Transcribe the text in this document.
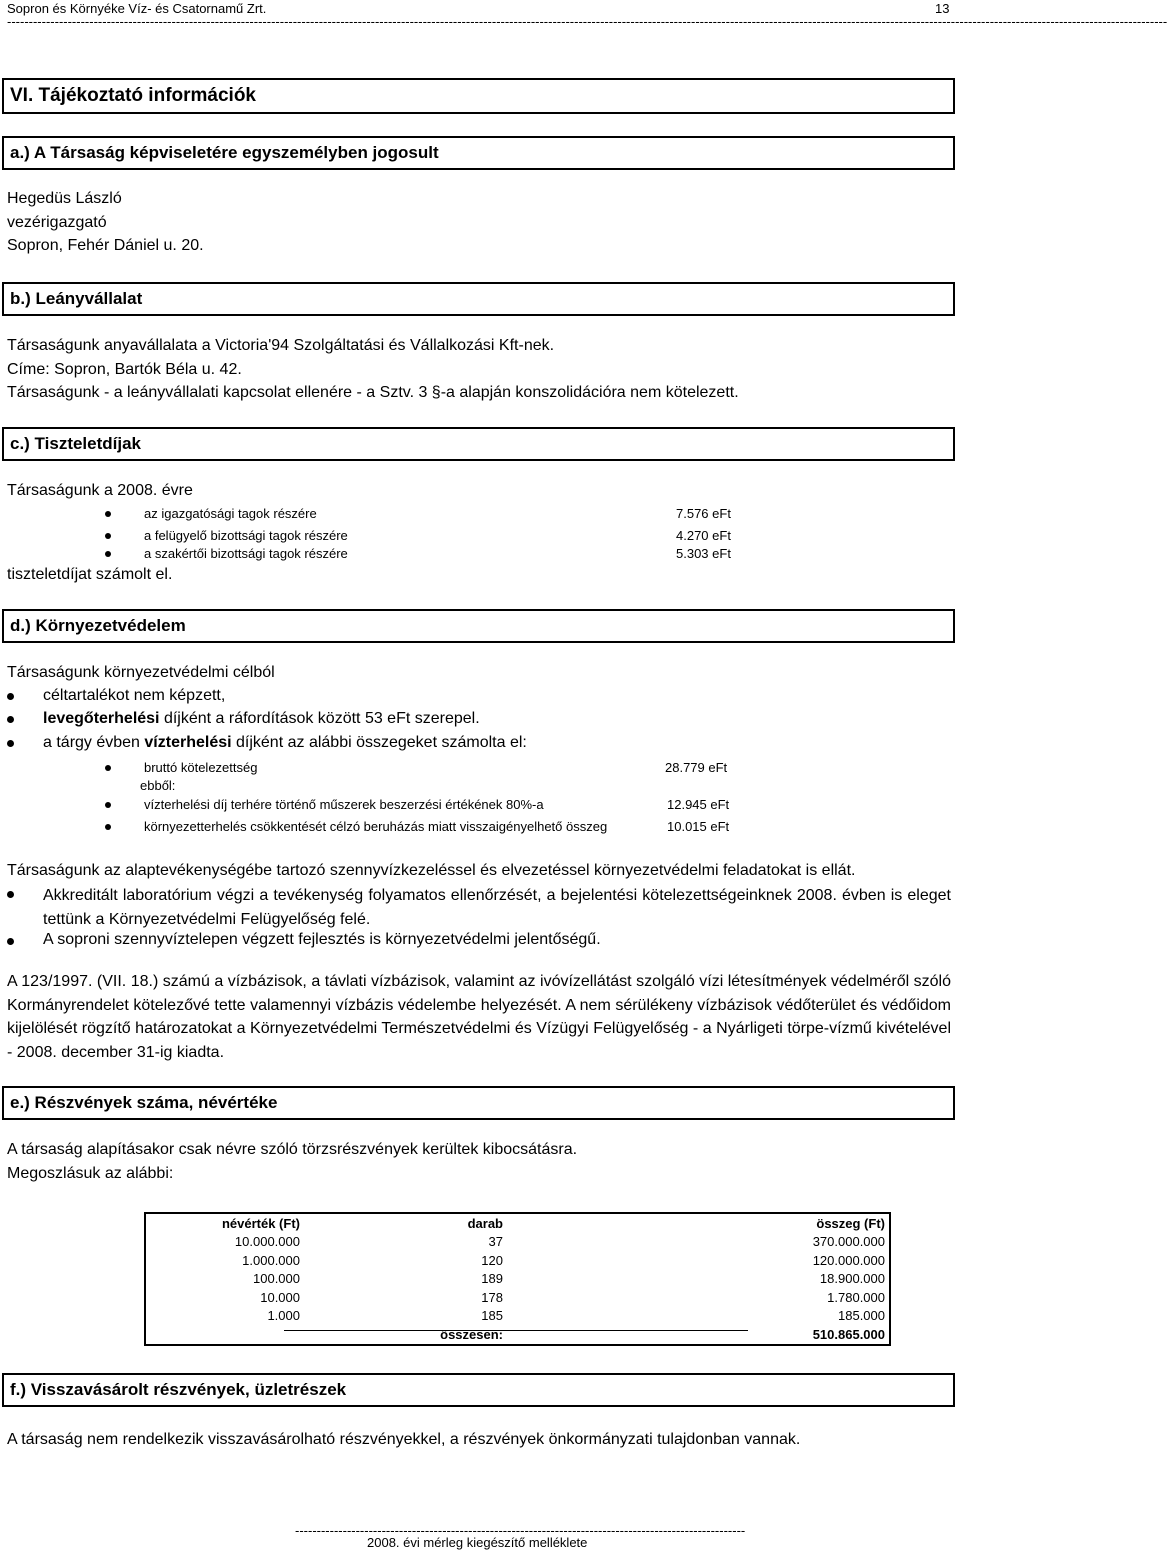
Sopron és Környéke Víz- és Csatornamű Zrt.	13
----------------------------------------------------------------------------------------------------------------------------------------------------------------------------------------------------------------------------------------------------------------------------
VI. Tájékoztató információk
a.) A Társaság képviseletére egyszemélyben jogosult
Hegedüs László
vezérigazgató
Sopron, Fehér Dániel u. 20.
b.) Leányvállalat
Társaságunk anyavállalata a Victoria'94 Szolgáltatási és Vállalkozási Kft-nek.
Címe: Sopron, Bartók Béla u. 42.
Társaságunk - a leányvállalati kapcsolat ellenére - a Sztv. 3 §-a alapján konszolidációra nem kötelezett.
c.) Tiszteletdíjak
Társaságunk a 2008. évre
az igazgatósági tagok részére	7.576 eFt
a felügyelő bizottsági tagok részére	4.270 eFt
a szakértői bizottsági tagok részére	5.303 eFt
tiszteletdíjat számolt el.
d.) Környezetvédelem
Társaságunk környezetvédelmi célból
céltartalékot nem képzett,
levegőterhelési díjként a ráfordítások között 53 eFt szerepel.
a tárgy évben vízterhelési díjként az alábbi összegeket számolta el:
bruttó kötelezettség	28.779 eFt
ebből:
vízterhelési díj terhére történő műszerek beszerzési értékének 80%-a	12.945 eFt
környezetterhelés csökkentését célzó beruházás miatt visszaigényelhető összeg	10.015 eFt
Társaságunk az alaptevékenységébe tartozó szennyvízkezeléssel és elvezetéssel környezetvédelmi feladatokat is ellát.
Akkreditált laboratórium végzi a tevékenység folyamatos ellenőrzését, a bejelentési kötelezettségeinknek 2008. évben is eleget tettünk a Környezetvédelmi Felügyelőség felé.
A soproni szennyvíztelepen végzett fejlesztés is környezetvédelmi jelentőségű.
A 123/1997. (VII. 18.) számú a vízbázisok, a távlati vízbázisok, valamint az ivóvízellátást szolgáló vízi létesítmények védelméről szóló Kormányrendelet kötelezővé tette valamennyi vízbázis védelembe helyezését. A nem sérülékeny vízbázisok védőterület és védőidom kijelölését rögzítő határozatokat a Környezetvédelmi Természetvédelmi és Vízügyi Felügyelőség - a Nyárligeti törpe-vízmű kivételével - 2008. december 31-ig kiadta.
e.) Részvények száma, névértéke
A társaság alapításakor csak névre szóló törzsrészvények kerültek kibocsátásra.
Megoszlásuk az alábbi:
névérték (Ft)	darab	összeg (Ft)
10.000.000	37	370.000.000
1.000.000	120	120.000.000
100.000	189	18.900.000
10.000	178	1.780.000
1.000	185	185.000
	összesen:	510.865.000
f.) Visszavásárolt részvények, üzletrészek
A társaság nem rendelkezik visszavásárolható részvényekkel, a részvények önkormányzati tulajdonban vannak.
--------------------------------------------------------------------------------------------------------
2008. évi mérleg kiegészítő melléklete
